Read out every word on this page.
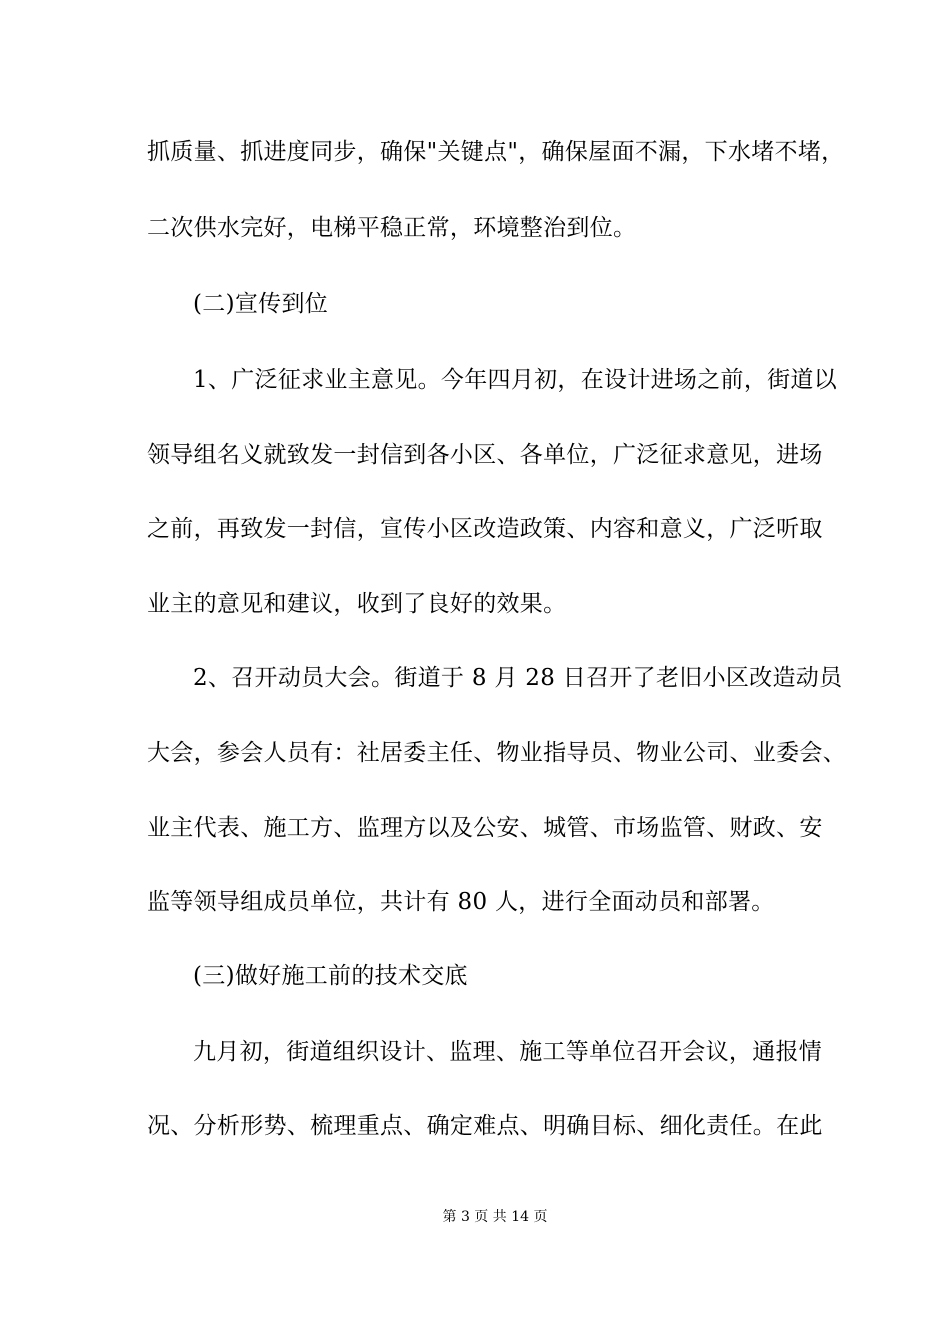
抓质量、抓进度同步，确保"关键点"，确保屋面不漏，下水堵不堵，
二次供水完好，电梯平稳正常，环境整治到位。
(二)宣传到位
1、广泛征求业主意见。今年四月初，在设计进场之前，街道以
领导组名义就致发一封信到各小区、各单位，广泛征求意见，进场
之前，再致发一封信，宣传小区改造政策、内容和意义，广泛听取
业主的意见和建议，收到了良好的效果。
2、召开动员大会。街道于 8 月 28 日召开了老旧小区改造动员
大会，参会人员有：社居委主任、物业指导员、物业公司、业委会、
业主代表、施工方、监理方以及公安、城管、市场监管、财政、安
监等领导组成员单位，共计有 80 人，进行全面动员和部署。
(三)做好施工前的技术交底
九月初，街道组织设计、监理、施工等单位召开会议，通报情
况、分析形势、梳理重点、确定难点、明确目标、细化责任。在此
第 3 页 共 14 页
